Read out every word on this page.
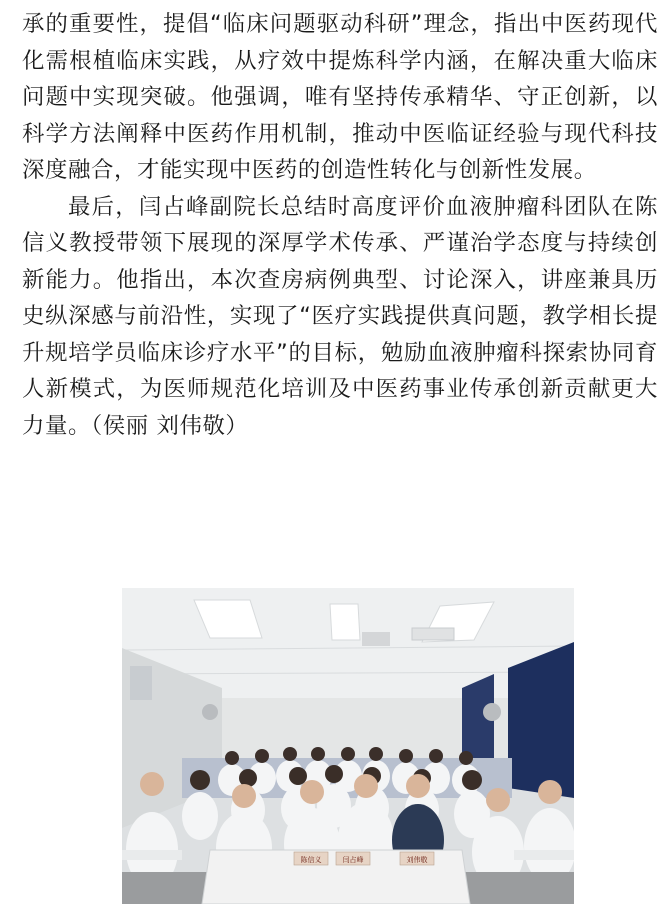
承的重要性，提倡“临床问题驱动科研”理念，指出中医药现代化需根植临床实践，从疗效中提炼科学内涵，在解决重大临床问题中实现突破。他强调，唯有坚持传承精华、守正创新，以科学方法阐释中医药作用机制，推动中医临证经验与现代科技深度融合，才能实现中医药的创造性转化与创新性发展。

最后，闫占峰副院长总结时高度评价血液肿瘤科团队在陈信义教授带领下展现的深厚学术传承、严谨治学态度与持续创新能力。他指出，本次查房病例典型、讨论深入，讲座兼具历史纵深感与前沿性，实现了“医疗实践提供真问题，教学相长提升规培学员临床诊疗水平”的目标，勉励血液肿瘤科探索协同育人新模式，为医师规范化培训及中医药事业传承创新贡献更大力量。（侯丽 刘伟敬）

陈信义	闫占峰	刘伟敬
